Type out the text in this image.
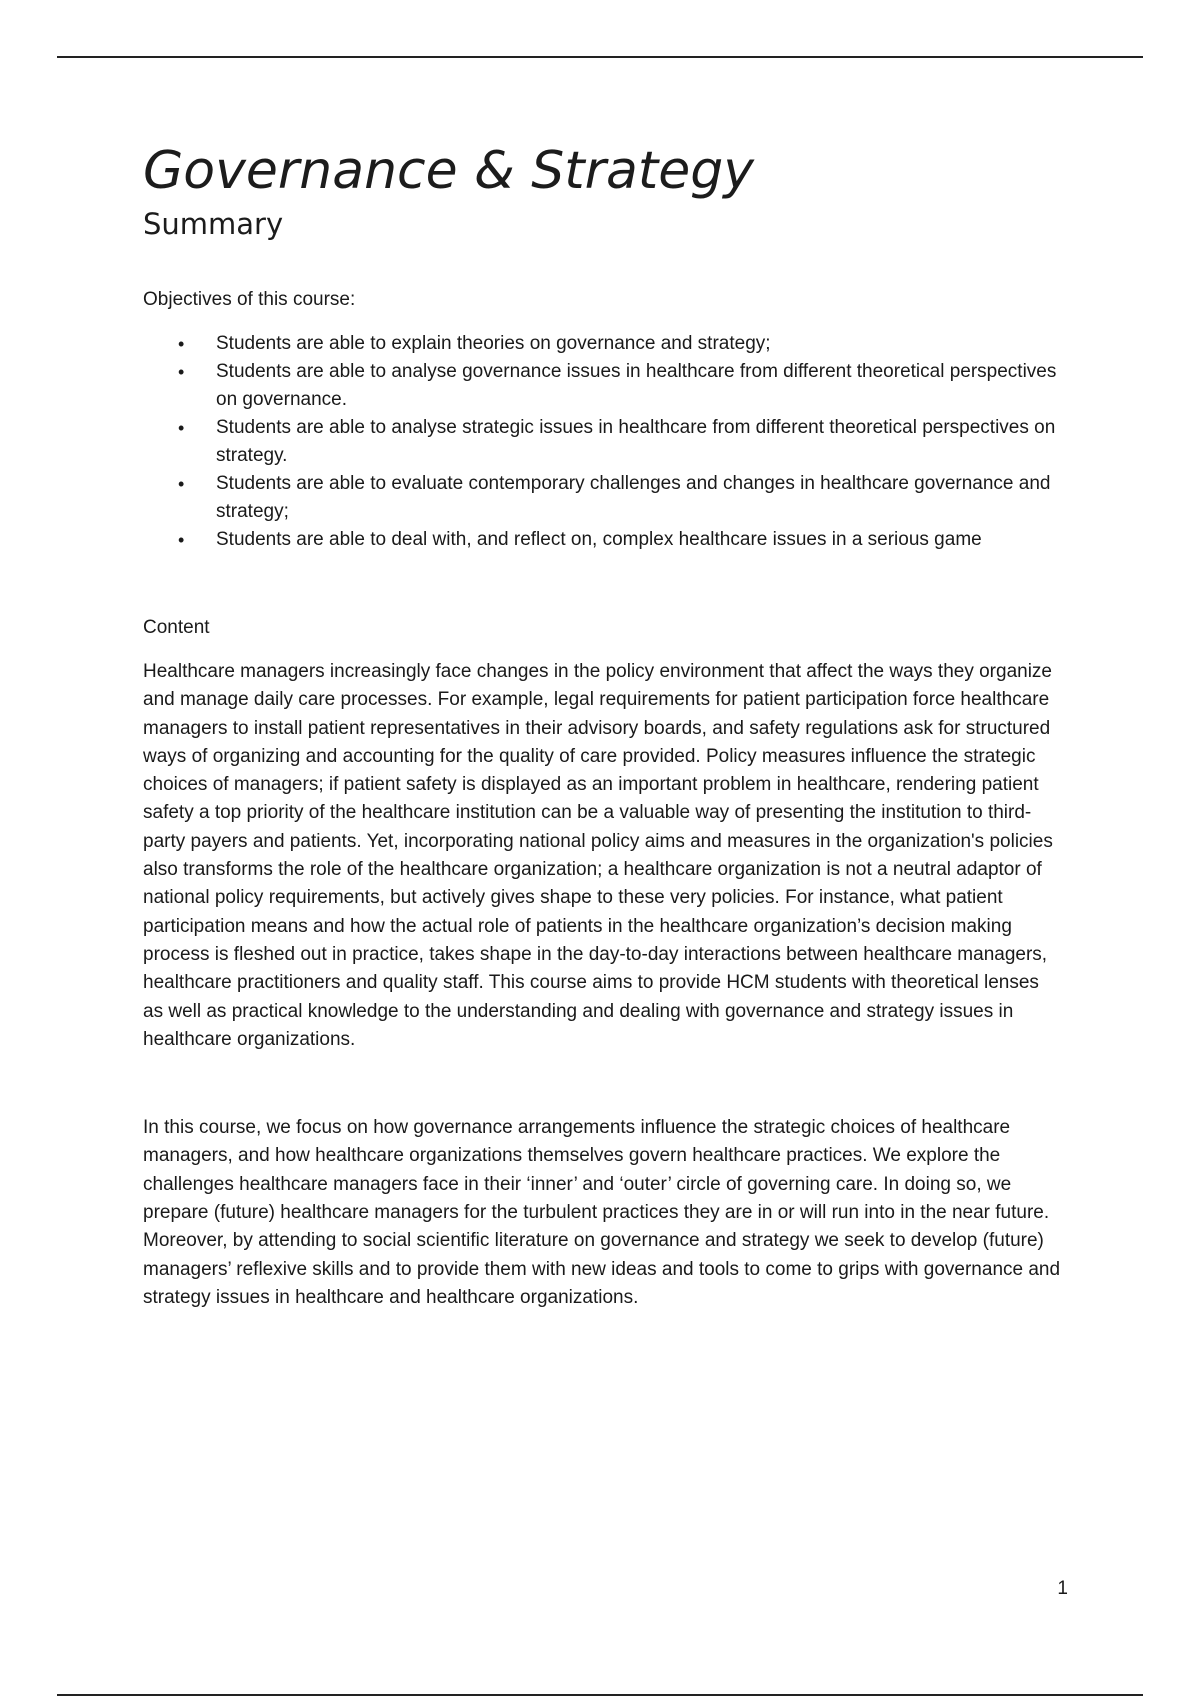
Governance & Strategy
Summary

Objectives of this course:

• Students are able to explain theories on governance and strategy;
• Students are able to analyse governance issues in healthcare from different theoretical perspectives on governance.
• Students are able to analyse strategic issues in healthcare from different theoretical perspectives on strategy.
• Students are able to evaluate contemporary challenges and changes in healthcare governance and strategy;
• Students are able to deal with, and reflect on, complex healthcare issues in a serious game

Content

Healthcare managers increasingly face changes in the policy environment that affect the ways they organize and manage daily care processes. For example, legal requirements for patient participation force healthcare managers to install patient representatives in their advisory boards, and safety regulations ask for structured ways of organizing and accounting for the quality of care provided. Policy measures influence the strategic choices of managers; if patient safety is displayed as an important problem in healthcare, rendering patient safety a top priority of the healthcare institution can be a valuable way of presenting the institution to third-party payers and patients. Yet, incorporating national policy aims and measures in the organization's policies also transforms the role of the healthcare organization; a healthcare organization is not a neutral adaptor of national policy requirements, but actively gives shape to these very policies. For instance, what patient participation means and how the actual role of patients in the healthcare organization’s decision making process is fleshed out in practice, takes shape in the day-to-day interactions between healthcare managers, healthcare practitioners and quality staff. This course aims to provide HCM students with theoretical lenses as well as practical knowledge to the understanding and dealing with governance and strategy issues in healthcare organizations.

In this course, we focus on how governance arrangements influence the strategic choices of healthcare managers, and how healthcare organizations themselves govern healthcare practices. We explore the challenges healthcare managers face in their ‘inner’ and ‘outer’ circle of governing care. In doing so, we prepare (future) healthcare managers for the turbulent practices they are in or will run into in the near future. Moreover, by attending to social scientific literature on governance and strategy we seek to develop (future) managers’ reflexive skills and to provide them with new ideas and tools to come to grips with governance and strategy issues in healthcare and healthcare organizations.

1
